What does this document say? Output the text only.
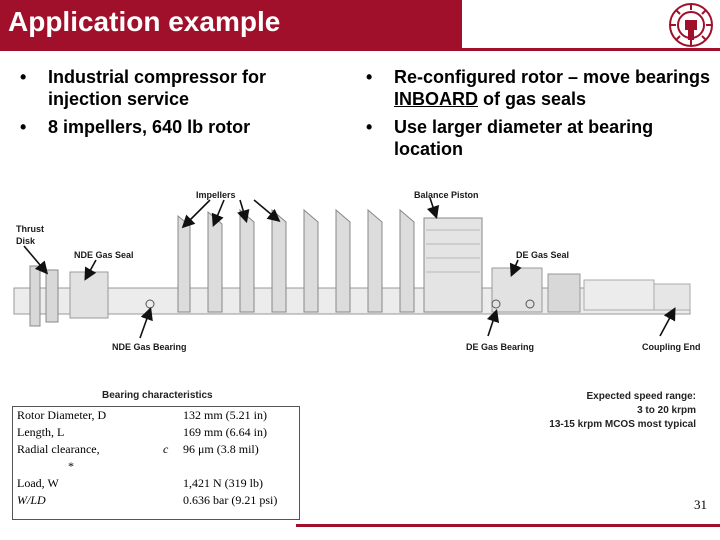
Application example
• Industrial compressor for injection service
• 8 impellers, 640 lb rotor
• Re-configured rotor – move bearings INBOARD of gas seals
• Use larger diameter at bearing location
Impellers	Balance Piston
Thrust
Disk
NDE Gas Seal	DE Gas Seal
NDE Gas Bearing	DE Gas Bearing	Coupling End
Bearing characteristics
Rotor Diameter, D		132 mm (5.21 in)
Length, L		169 mm (6.64 in)
Radial clearance,	c	96 μm (3.8 mil)
*		
Load, W		1,421 N (319 lb)
W/LD		0.636 bar (9.21 psi)
Expected speed range:
3 to 20 krpm
13-15 krpm MCOS most typical
31
